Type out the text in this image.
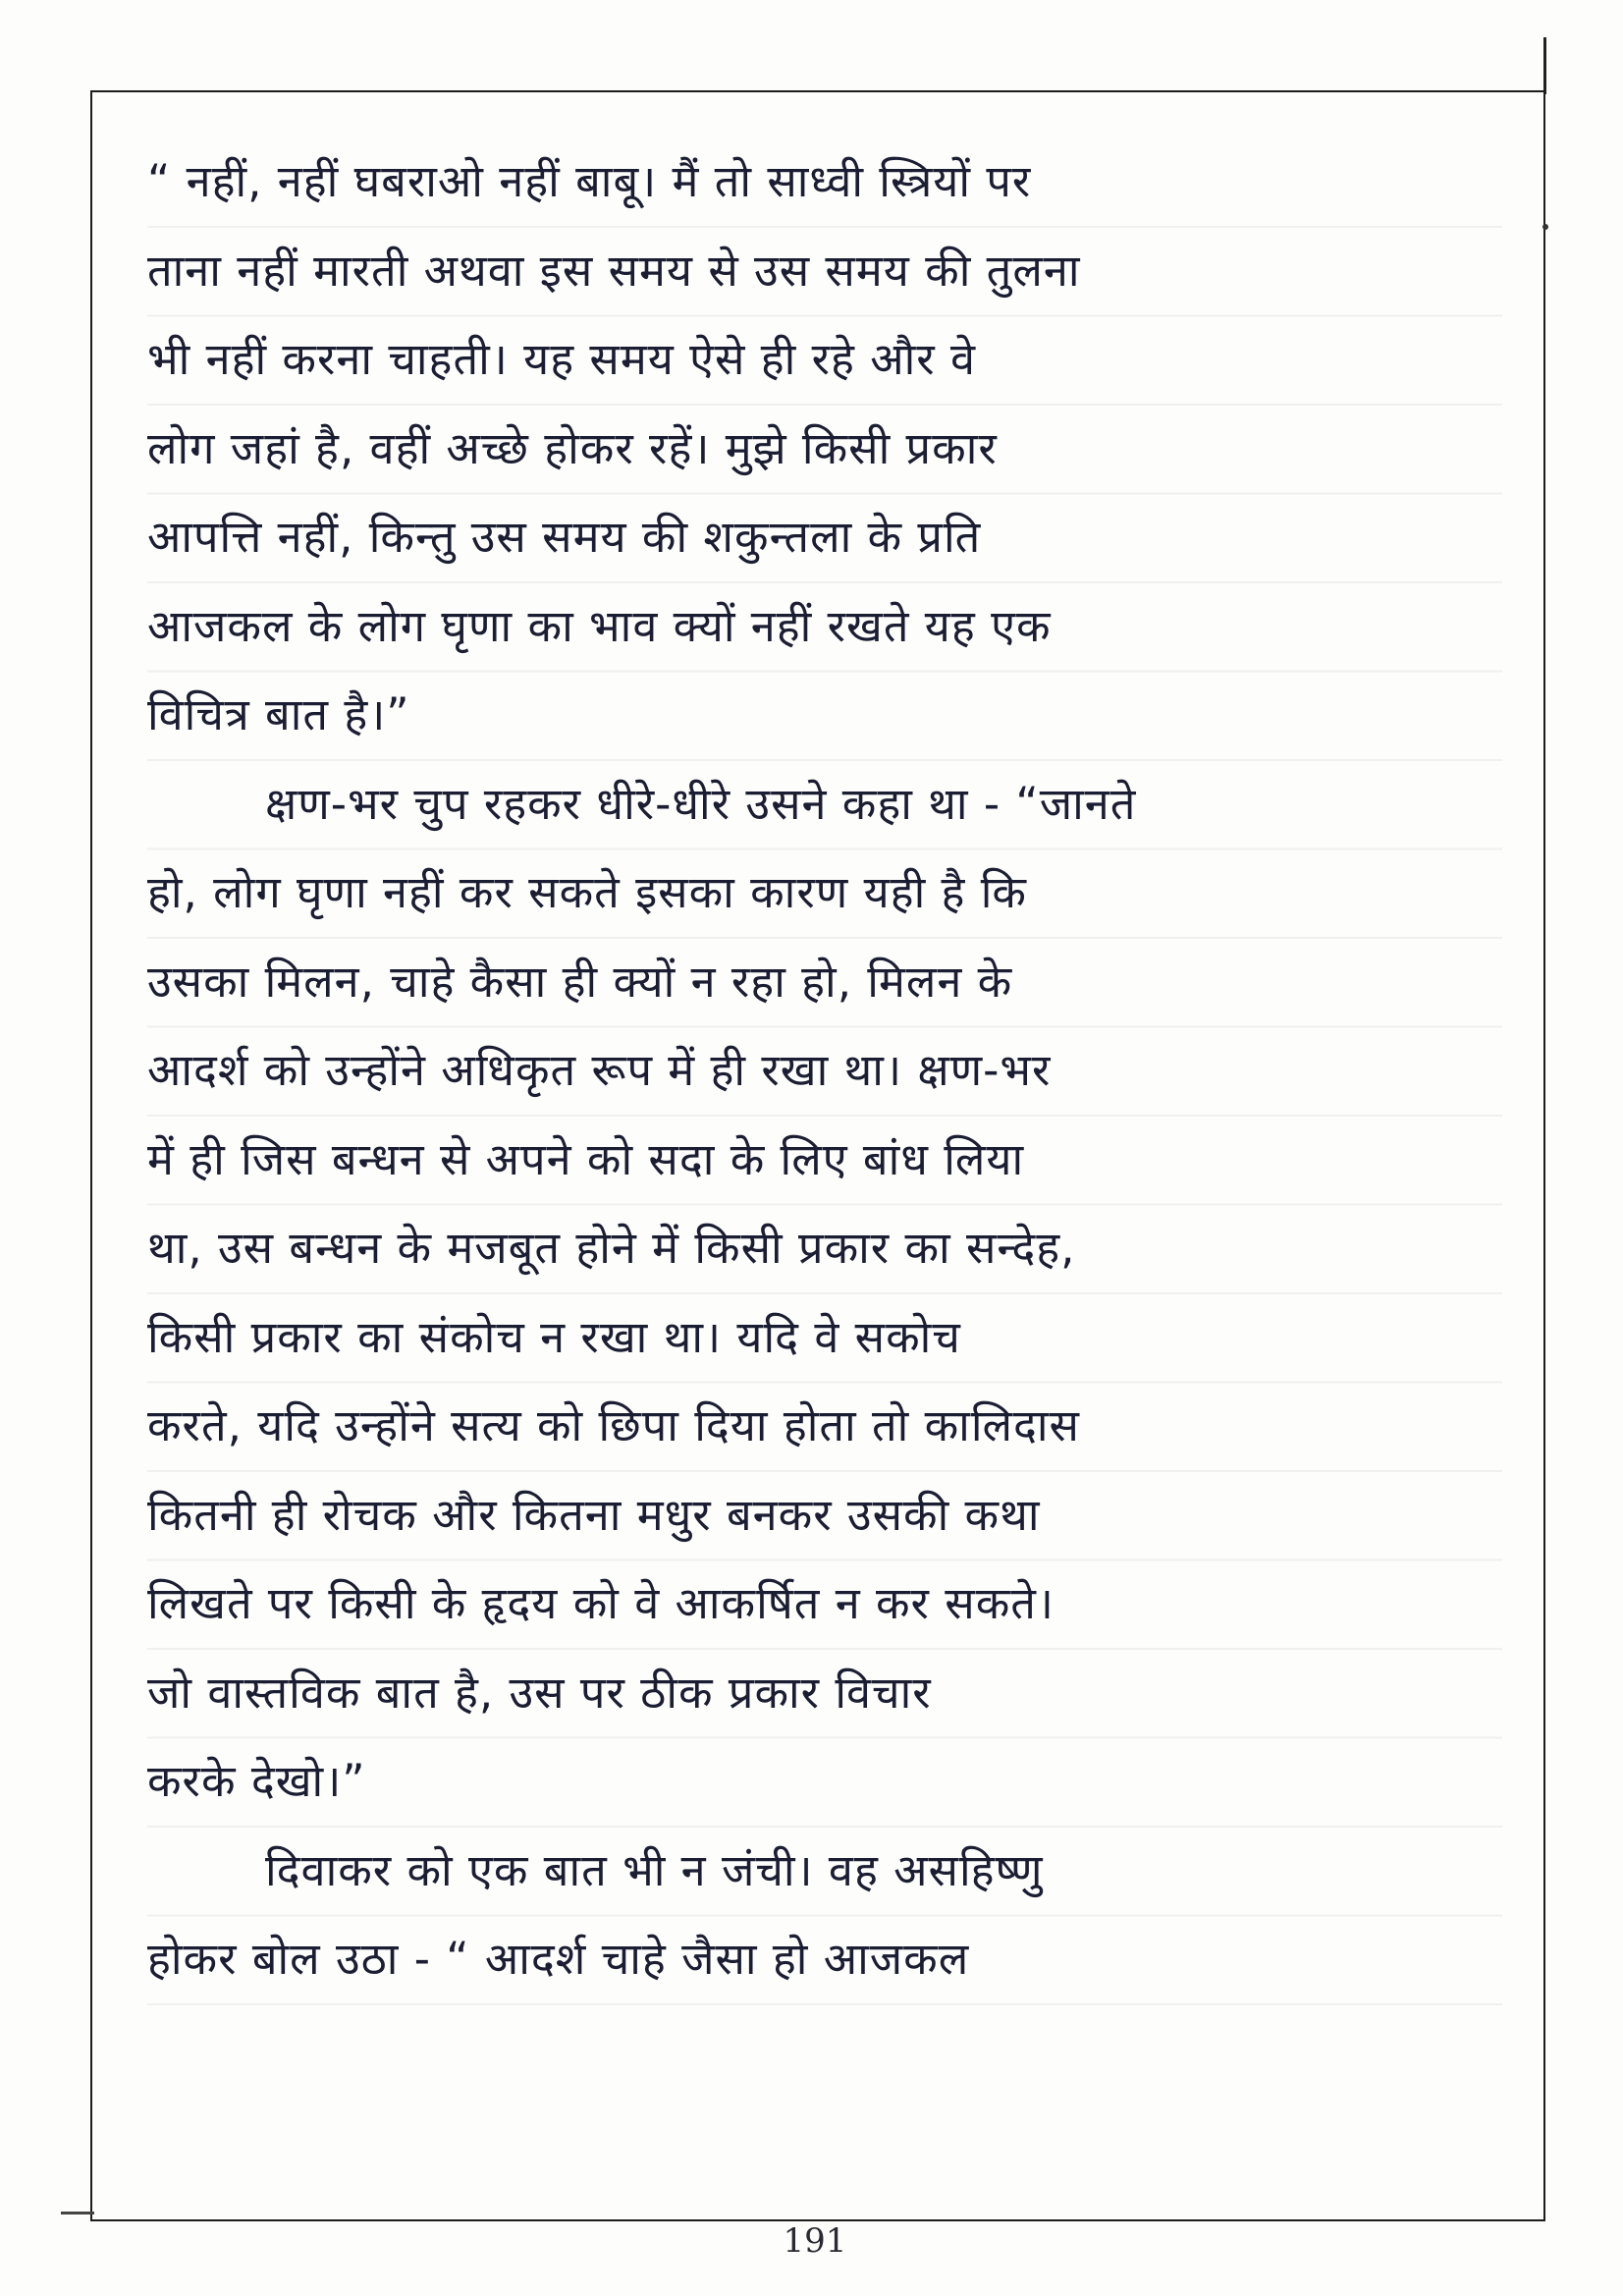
“ नहीं, नहीं घबराओ नहीं बाबू। मैं तो साध्वी स्त्रियों पर
ताना नहीं मारती अथवा इस समय से उस समय की तुलना
भी नहीं करना चाहती। यह समय ऐसे ही रहे और वे
लोग जहां है, वहीं अच्छे होकर रहें। मुझे किसी प्रकार
आपत्ति नहीं, किन्तु उस समय की शकुन्तला के प्रति
आजकल के लोग घृणा का भाव क्यों नहीं रखते यह एक
विचित्र बात है।”
क्षण-भर चुप रहकर धीरे-धीरे उसने कहा था - “जानते
हो, लोग घृणा नहीं कर सकते इसका कारण यही है कि
उसका मिलन, चाहे कैसा ही क्यों न रहा हो, मिलन के
आदर्श को उन्होंने अधिकृत रूप में ही रखा था। क्षण-भर
में ही जिस बन्धन से अपने को सदा के लिए बांध लिया
था, उस बन्धन के मजबूत होने में किसी प्रकार का सन्देह,
किसी प्रकार का संकोच न रखा था। यदि वे सकोच
करते, यदि उन्होंने सत्य को छिपा दिया होता तो कालिदास
कितनी ही रोचक और कितना मधुर बनकर उसकी कथा
लिखते पर किसी के हृदय को वे आकर्षित न कर सकते।
जो वास्तविक बात है, उस पर ठीक प्रकार विचार
करके देखो।”
दिवाकर को एक बात भी न जंची। वह असहिष्णु
होकर बोल उठा - “ आदर्श चाहे जैसा हो आजकल
191
